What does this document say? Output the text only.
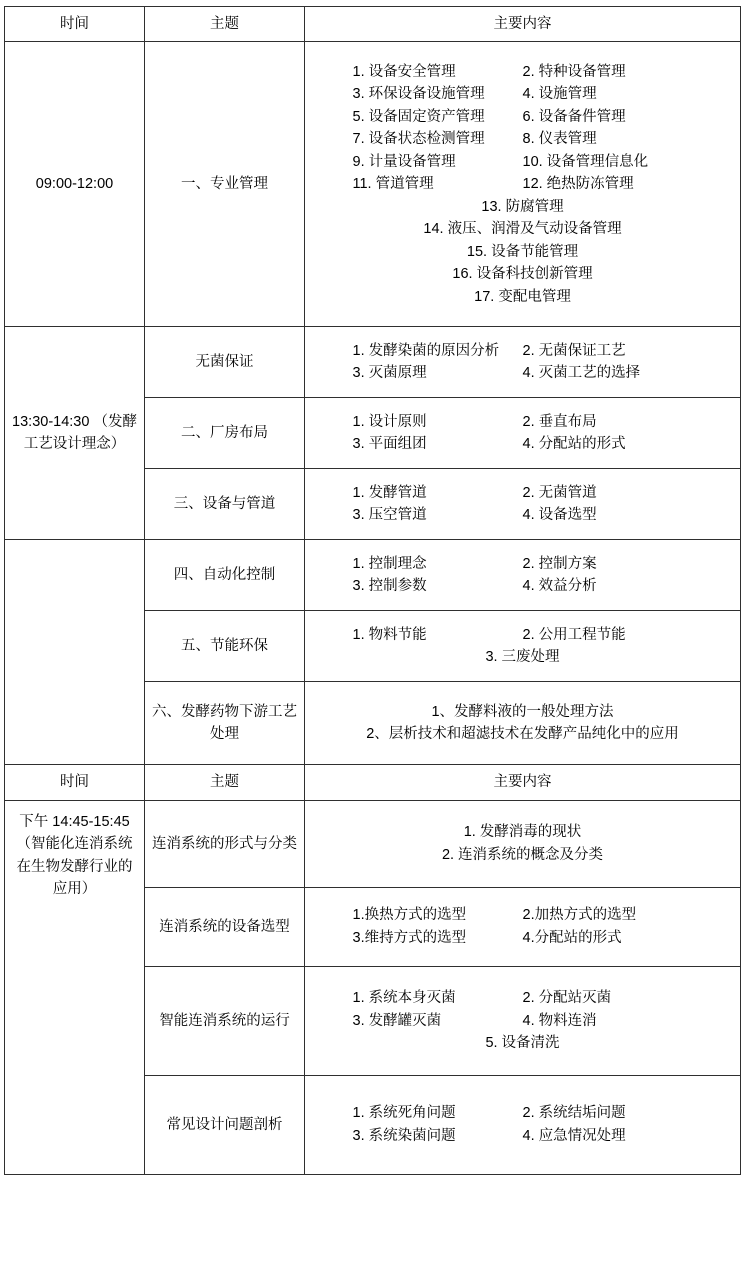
时间	主题	主要内容
09:00-12:00	一、专业管理	
1. 设备安全管理	2. 特种设备管理
3. 环保设备设施管理	4. 设施管理
5. 设备固定资产管理	6. 设备备件管理
7. 设备状态检测管理	8. 仪表管理
9. 计量设备管理	10. 设备管理信息化
11. 管道管理	12. 绝热防冻管理
13. 防腐管理
14. 液压、润滑及气动设备管理
15. 设备节能管理
16. 设备科技创新管理
17. 变配电管理

13:30-14:30 （发酵工艺设计理念）	无菌保证	1. 发酵染菌的原因分析 2. 无菌保证工艺
3. 灭菌原理 4. 灭菌工艺的选择

	二、厂房布局	1. 设计原则 2. 垂直布局
3. 平面组团 4. 分配站的形式

	三、设备与管道	1. 发酵管道 2. 无菌管道
3. 压空管道 4. 设备选型

	四、自动化控制	1. 控制理念 2. 控制方案
3. 控制参数 4. 效益分析

	五、节能环保	1. 物料节能 2. 公用工程节能
3. 三废处理

	六、发酵药物下游工艺处理	1、发酵料液的一般处理方法
2、层析技术和超滤技术在发酵产品纯化中的应用

时间	主题	主要内容
下午 14:45-15:45 （智能化连消系统在生物发酵行业的应用）	连消系统的形式与分类	1. 发酵消毒的现状
2. 连消系统的概念及分类

	连消系统的设备选型	1.换热方式的选型 2.加热方式的选型
3.维持方式的选型 4.分配站的形式

	智能连消系统的运行	1. 系统本身灭菌 2. 分配站灭菌
3. 发酵罐灭菌 4. 物料连消
5. 设备清洗

	常见设计问题剖析	1. 系统死角问题 2. 系统结垢问题
3. 系统染菌问题 4. 应急情况处理
